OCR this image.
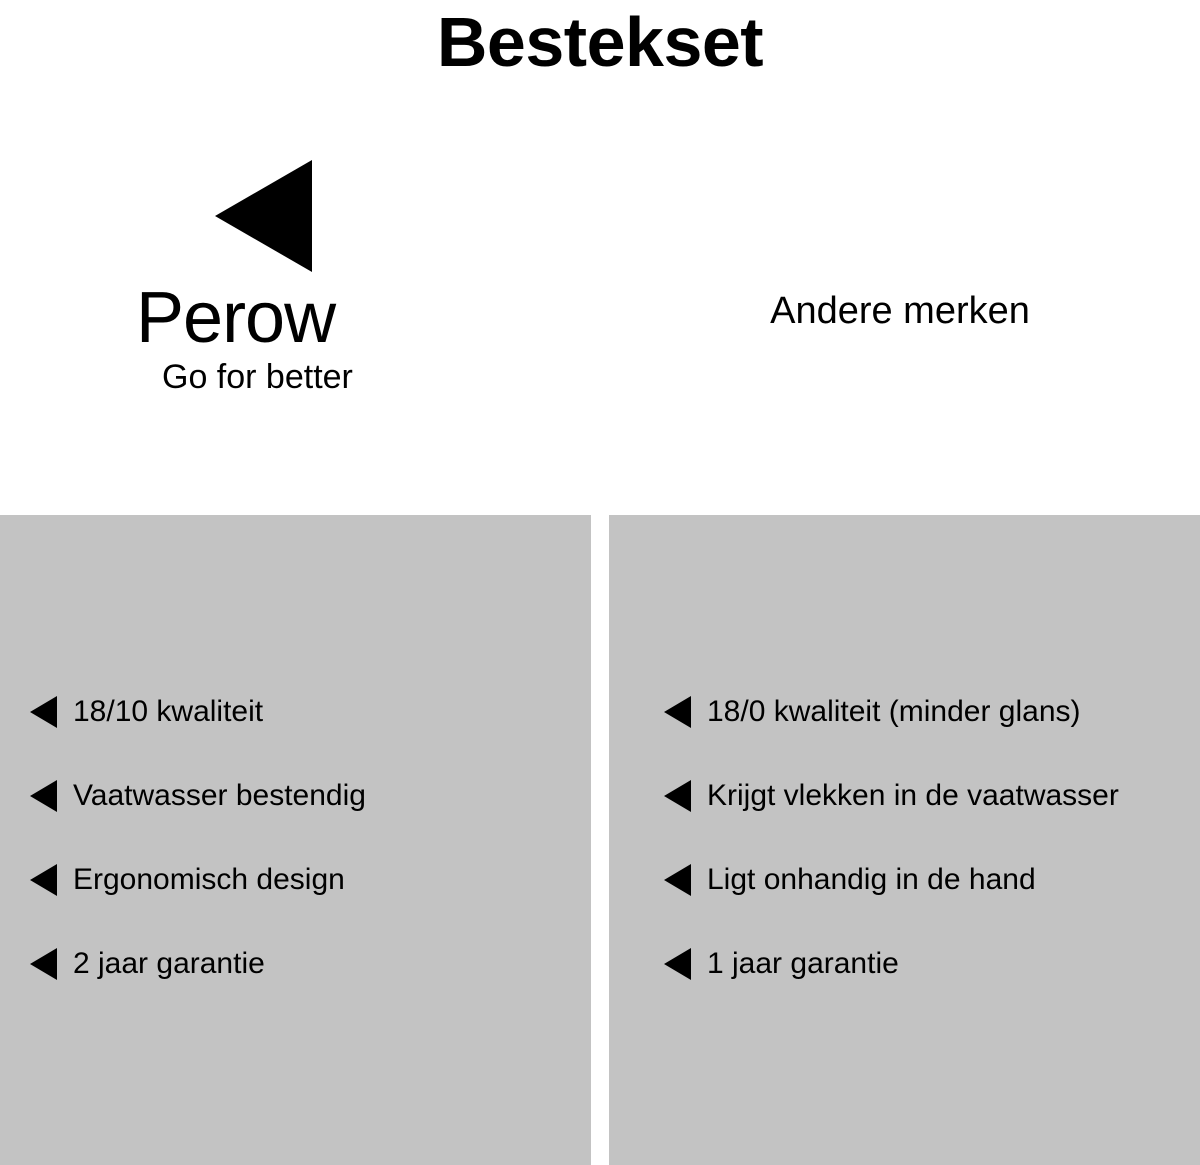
Bestekset
Perow
Go for better
Andere merken
18/10 kwaliteit
Vaatwasser bestendig
Ergonomisch design
2 jaar garantie
18/0 kwaliteit (minder glans)
Krijgt vlekken in de vaatwasser
Ligt onhandig in de hand
1 jaar garantie
